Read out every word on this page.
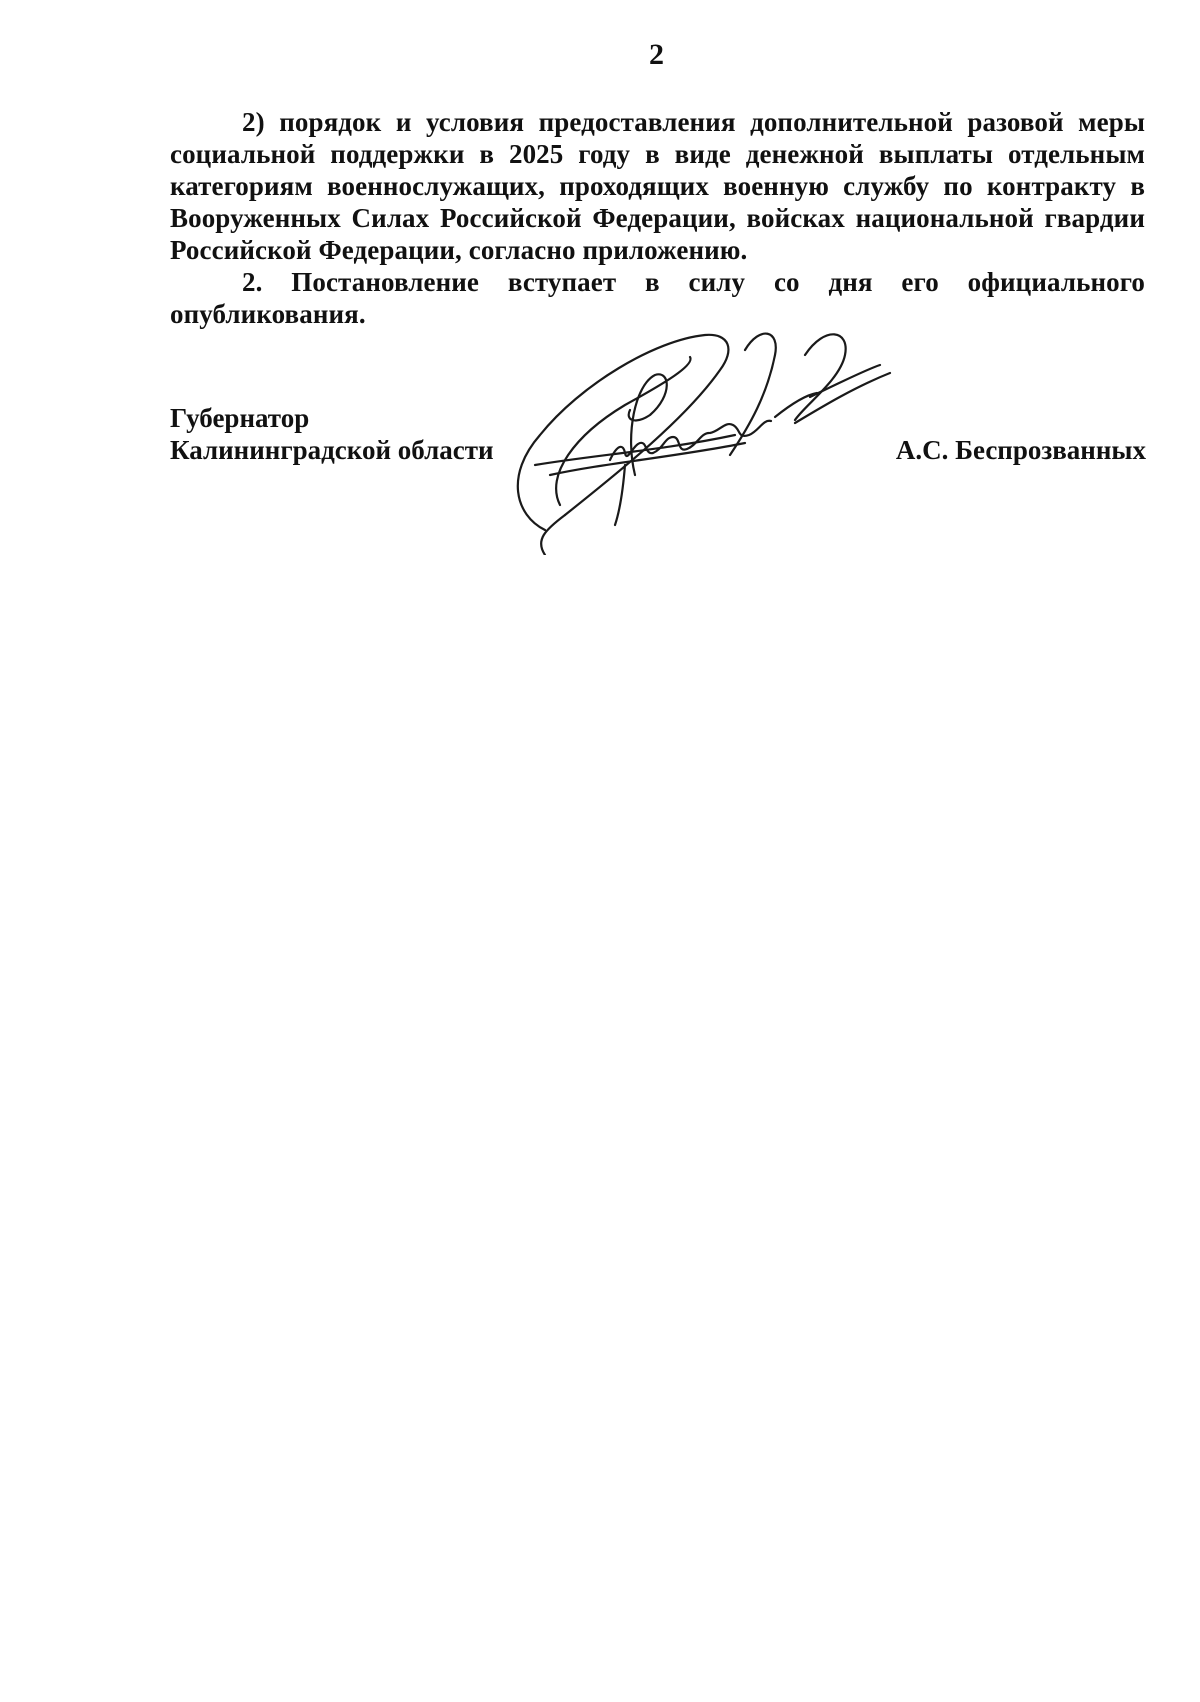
2

2) порядок и условия предоставления дополнительной разовой меры социальной поддержки в 2025 году в виде денежной выплаты отдельным категориям военнослужащих, проходящих военную службу по контракту в Вооруженных Силах Российской Федерации, войсках национальной гвардии Российской Федерации, согласно приложению.

2. Постановление вступает в силу со дня его официального опубликования.

Губернатор
Калининградской области	А.С. Беспрозванных
